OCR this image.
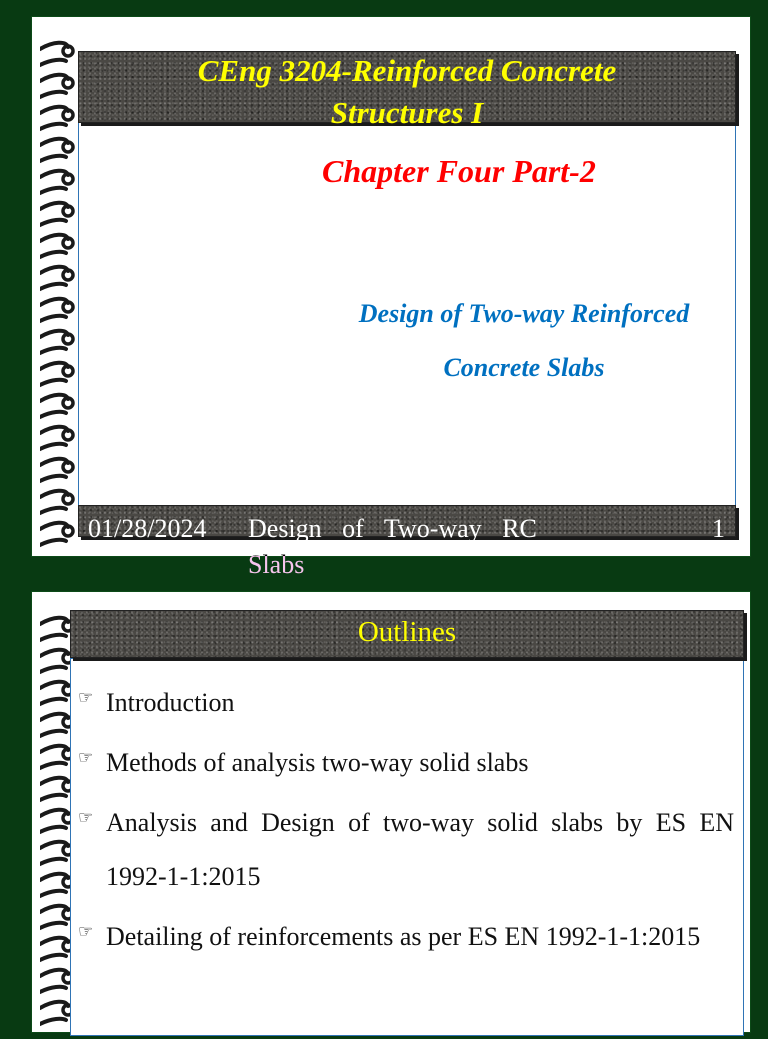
CEng 3204-Reinforced Concrete Structures I
Chapter Four Part-2
Design of Two-way Reinforced
Concrete Slabs
01/28/2024 Design of Two-way RC
Slabs
1
Outlines
☞ Introduction
☞ Methods of analysis two-way solid slabs
☞ Analysis and Design of two-way solid slabs by ES EN 1992-1-1:2015
☞ Detailing of reinforcements as per ES EN 1992-1-1:2015
